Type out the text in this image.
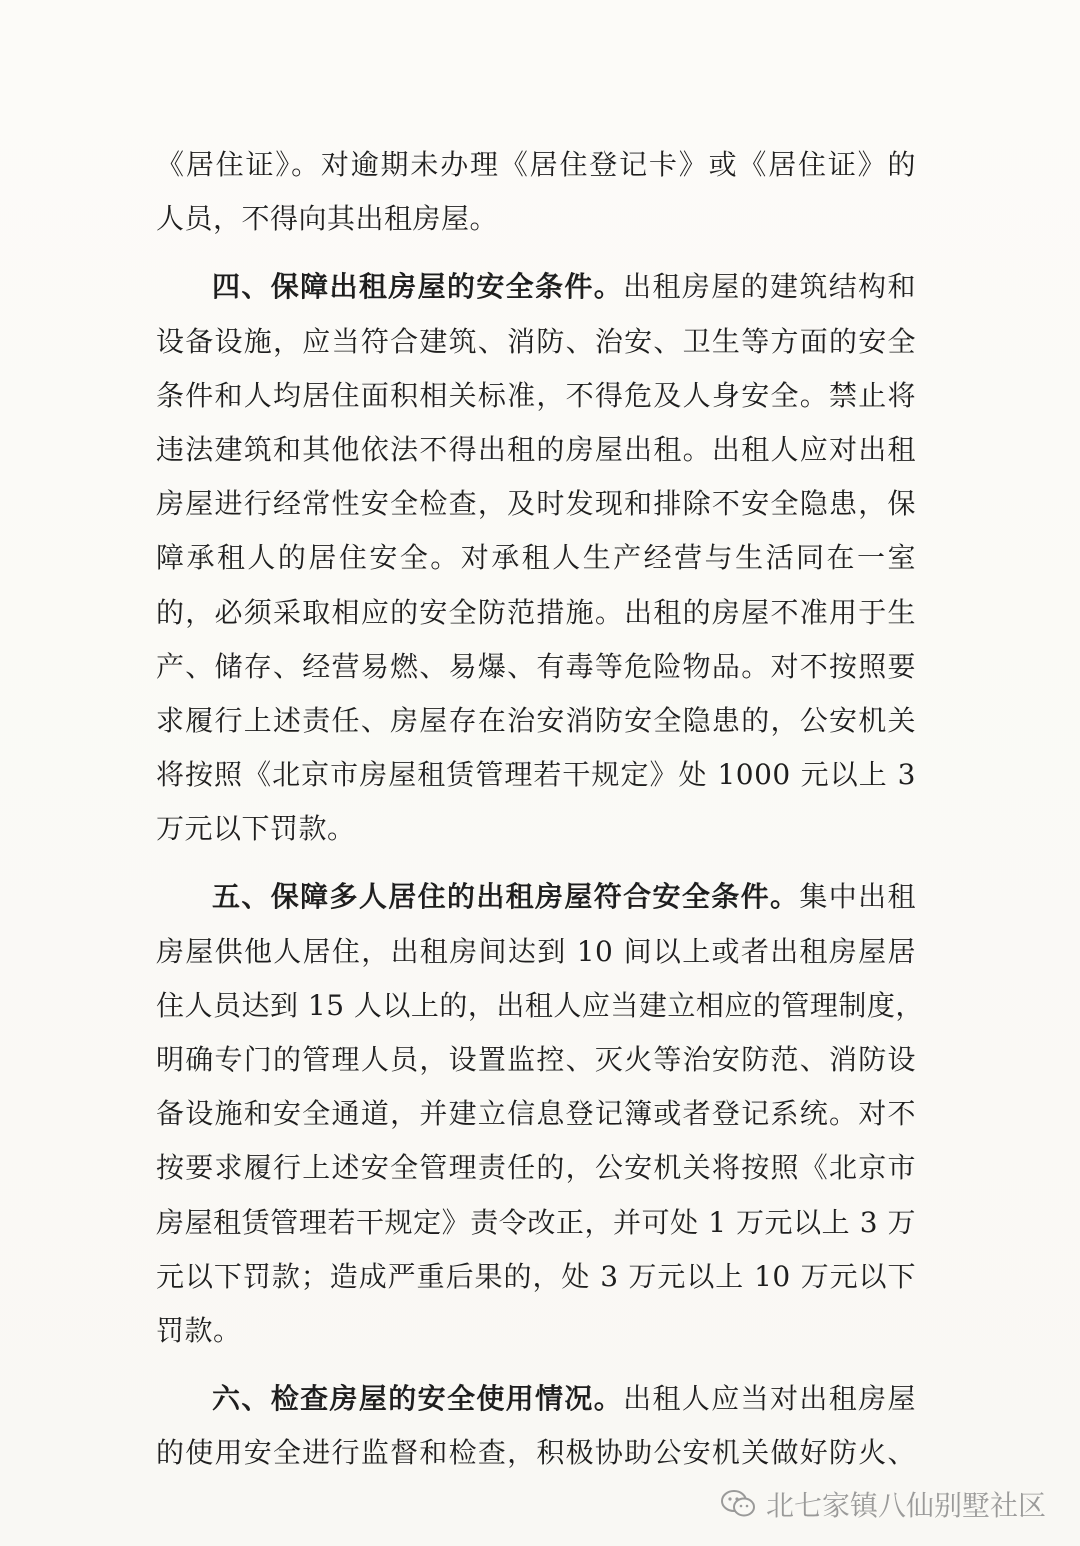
《居住证》。对逾期未办理《居住登记卡》或《居住证》的
人员，不得向其出租房屋。
四、保障出租房屋的安全条件。出租房屋的建筑结构和
设备设施，应当符合建筑、消防、治安、卫生等方面的安全
条件和人均居住面积相关标准，不得危及人身安全。禁止将
违法建筑和其他依法不得出租的房屋出租。出租人应对出租
房屋进行经常性安全检查，及时发现和排除不安全隐患，保
障承租人的居住安全。对承租人生产经营与生活同在一室
的，必须采取相应的安全防范措施。出租的房屋不准用于生
产、储存、经营易燃、易爆、有毒等危险物品。对不按照要
求履行上述责任、房屋存在治安消防安全隐患的，公安机关
将按照《北京市房屋租赁管理若干规定》处 1000 元以上 3
万元以下罚款。
五、保障多人居住的出租房屋符合安全条件。集中出租
房屋供他人居住，出租房间达到 10 间以上或者出租房屋居
住人员达到 15 人以上的，出租人应当建立相应的管理制度，
明确专门的管理人员，设置监控、灭火等治安防范、消防设
备设施和安全通道，并建立信息登记簿或者登记系统。对不
按要求履行上述安全管理责任的，公安机关将按照《北京市
房屋租赁管理若干规定》责令改正，并可处 1 万元以上 3 万
元以下罚款；造成严重后果的，处 3 万元以上 10 万元以下
罚款。
六、检查房屋的安全使用情况。出租人应当对出租房屋
的使用安全进行监督和检查，积极协助公安机关做好防火、
北七家镇八仙别墅社区
